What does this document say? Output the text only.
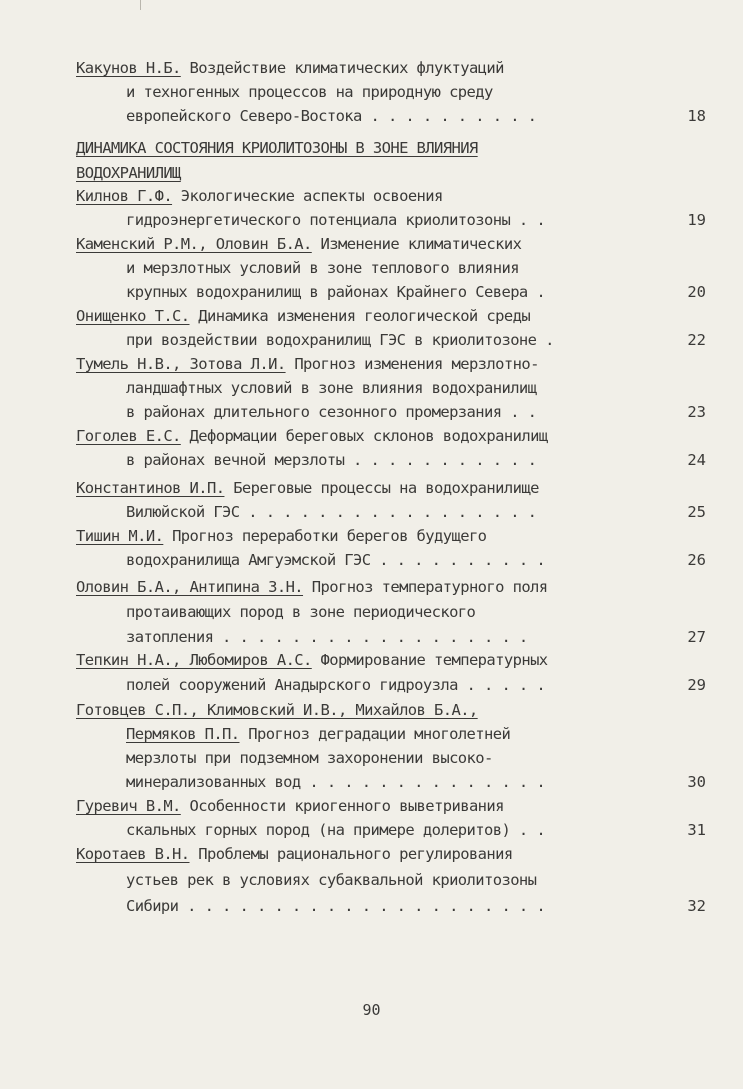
Какунов Н.Б. Воздействие климатических флуктуаций
и техногенных процессов на природную среду
европейского Северо-Востока . . . . . . . . . .	18
ДИНАМИКА СОСТОЯНИЯ КРИОЛИТОЗОНЫ В ЗОНЕ ВЛИЯНИЯ
ВОДОХРАНИЛИЩ
Килнов Г.Ф. Экологические аспекты освоения
гидроэнергетического потенциала криолитозоны . .	19
Каменский Р.М., Оловин Б.А. Изменение климатических
и мерзлотных условий в зоне теплового влияния
крупных водохранилищ в районах Крайнего Севера .	20
Онищенко Т.С. Динамика изменения геологической среды
при воздействии водохранилищ ГЭС в криолитозоне .	22
Тумель Н.В., Зотова Л.И. Прогноз изменения мерзлотно-
ландшафтных условий в зоне влияния водохранилищ
в районах длительного сезонного промерзания . .	23
Гоголев Е.С. Деформации береговых склонов водохранилищ
в районах вечной мерзлоты . . . . . . . . . . .	24
Константинов И.П. Береговые процессы на водохранилище
Вилюйской ГЭС . . . . . . . . . . . . . . . . .	25
Тишин М.И. Прогноз переработки берегов будущего
водохранилища Амгуэмской ГЭС . . . . . . . . . .	26
Оловин Б.А., Антипина З.Н. Прогноз температурного поля
протаивающих пород в зоне периодического
затопления . . . . . . . . . . . . . . . . . .	27
Тепкин Н.А., Любомиров А.С. Формирование температурных
полей сооружений Анадырского гидроузла . . . . .	29
Готовцев С.П., Климовский И.В., Михайлов Б.А.,
Пермяков П.П. Прогноз деградации многолетней
мерзлоты при подземном захоронении высоко-
минерализованных вод . . . . . . . . . . . . . .	30
Гуревич В.М. Особенности криогенного выветривания
скальных горных пород (на примере долеритов) . .	31
Коротаев В.Н. Проблемы рационального регулирования
устьев рек в условиях субаквальной криолитозоны
Сибири . . . . . . . . . . . . . . . . . . . . .	32
90
